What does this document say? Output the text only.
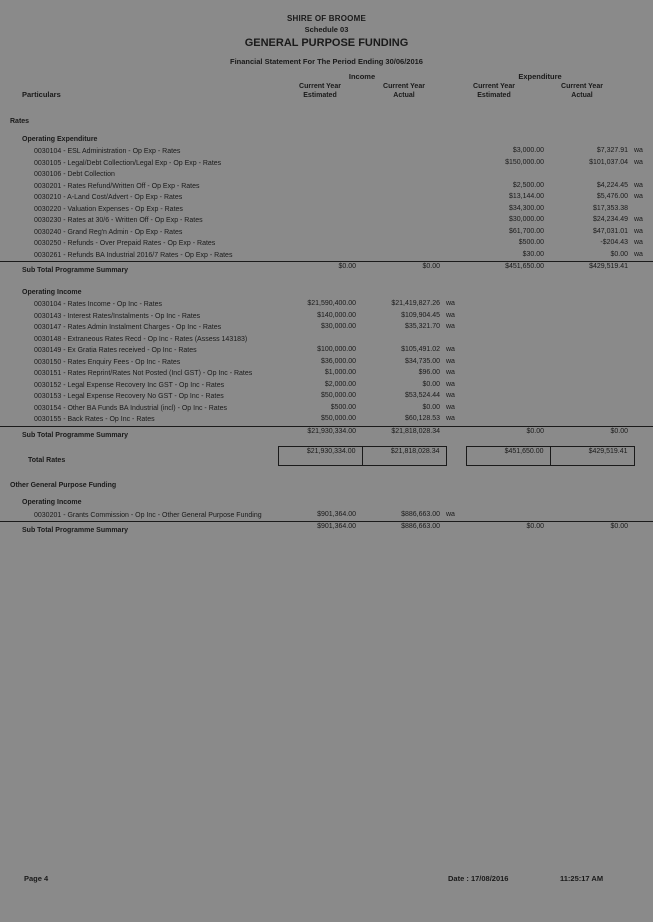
SHIRE OF BROOME
Schedule 03
GENERAL PURPOSE FUNDING
Financial Statement For The Period Ending 30/06/2016
Income	Expenditure
Current Year
Estimated
Current Year
Actual
Current Year
Estimated
Current Year
Actual
Particulars
Rates						
Operating Expenditure						
0030104 - ESL Administration - Op Exp - Rates				$3,000.00	$7,327.91	wa
0030105 - Legal/Debt Collection/Legal Exp - Op Exp - Rates				$150,000.00	$101,037.04	wa
0030106 - Debt Collection						
0030201 - Rates Refund/Written Off - Op Exp - Rates				$2,500.00	$4,224.45	wa
0030210 - A-Land Cost/Advert - Op Exp - Rates				$13,144.00	$5,476.00	wa
0030220 - Valuation Expenses - Op Exp - Rates				$34,300.00	$17,353.38	
0030230 - Rates at 30/6 - Written Off - Op Exp - Rates				$30,000.00	$24,234.49	wa
0030240 - Grand Reg'n Admin - Op Exp - Rates				$61,700.00	$47,031.01	wa
0030250 - Refunds - Over Prepaid Rates - Op Exp - Rates				$500.00	-$204.43	wa
0030261 - Refunds BA Industrial 2016/7 Rates - Op Exp - Rates				$30.00	$0.00	wa
Sub Total Programme Summary	$0.00	$0.00		$451,650.00	$429,519.41	

Operating Income						
0030104 - Rates Income - Op Inc - Rates	$21,590,400.00	$21,419,827.26	wa			
0030143 - Interest Rates/Instalments - Op Inc - Rates	$140,000.00	$109,904.45	wa			
0030147 - Rates Admin Instalment Charges - Op Inc - Rates	$30,000.00	$35,321.70	wa			
0030148 - Extraneous Rates Recd - Op Inc - Rates (Assess 143183)						
0030149 - Ex Gratia Rates received - Op Inc - Rates	$100,000.00	$105,491.02	wa			
0030150 - Rates Enquiry Fees - Op Inc - Rates	$36,000.00	$34,735.00	wa			
0030151 - Rates Reprint/Rates Not Posted (Incl GST) - Op Inc - Rates	$1,000.00	$96.00	wa			
0030152 - Legal Expense Recovery Inc GST - Op Inc - Rates	$2,000.00	$0.00	wa			
0030153 - Legal Expense Recovery No GST - Op Inc - Rates	$50,000.00	$53,524.44	wa			
0030154 - Other BA Funds BA Industrial (incl) - Op Inc - Rates	$500.00	$0.00	wa			
0030155 - Back Rates - Op Inc - Rates	$50,000.00	$60,128.53	wa			
Sub Total Programme Summary	$21,930,334.00	$21,818,028.34		$0.00	$0.00	

Total Rates	$21,930,334.00	$21,818,028.34		$451,650.00	$429,519.41	

Other General Purpose Funding						
Operating Income						
0030201 - Grants Commission - Op Inc - Other General Purpose Funding	$901,364.00	$886,663.00	wa			
Sub Total Programme Summary	$901,364.00	$886,663.00		$0.00	$0.00	

Page 4	Date : 17/08/2016	11:25:17 AM
